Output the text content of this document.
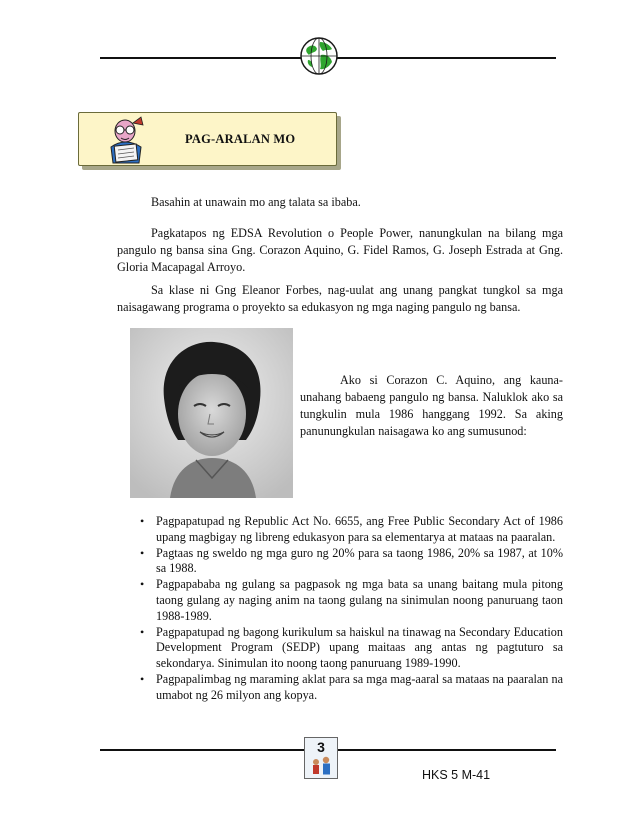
PAG-ARALAN MO

Basahin at unawain mo ang talata sa ibaba.

Pagkatapos ng EDSA Revolution o People Power, nanungkulan na bilang mga pangulo ng bansa sina Gng. Corazon Aquino, G. Fidel Ramos, G. Joseph Estrada at Gng. Gloria Macapagal Arroyo.

Sa klase ni Gng Eleanor Forbes, nag-uulat ang unang pangkat tungkol sa mga naisagawang programa o proyekto sa edukasyon ng mga naging pangulo ng bansa.

Ako si Corazon C. Aquino, ang kauna-unahang babaeng pangulo ng bansa. Naluklok ako sa tungkulin mula 1986 hanggang 1992. Sa aking panunungkulan naisagawa ko ang sumusunod:

• Pagpapatupad ng Republic Act No. 6655, ang Free Public Secondary Act of 1986 upang magbigay ng libreng edukasyon para sa elementarya at mataas na paaralan.
• Pagtaas ng sweldo ng mga guro ng 20% para sa taong 1986, 20% sa 1987, at 10% sa 1988.
• Pagpapababa ng gulang sa pagpasok ng mga bata sa unang baitang mula pitong taong gulang ay naging anim na taong gulang na sinimulan noong panuruang taon 1988-1989.
• Pagpapatupad ng bagong kurikulum sa haiskul na tinawag na Secondary Education Development Program (SEDP) upang maitaas ang antas ng pagtuturo sa sekondarya. Sinimulan ito noong taong panuruang 1989-1990.
• Pagpapalimbag ng maraming aklat para sa mga mag-aaral sa mataas na paaralan na umabot ng 26 milyon ang kopya.
3
HKS 5 M-41
